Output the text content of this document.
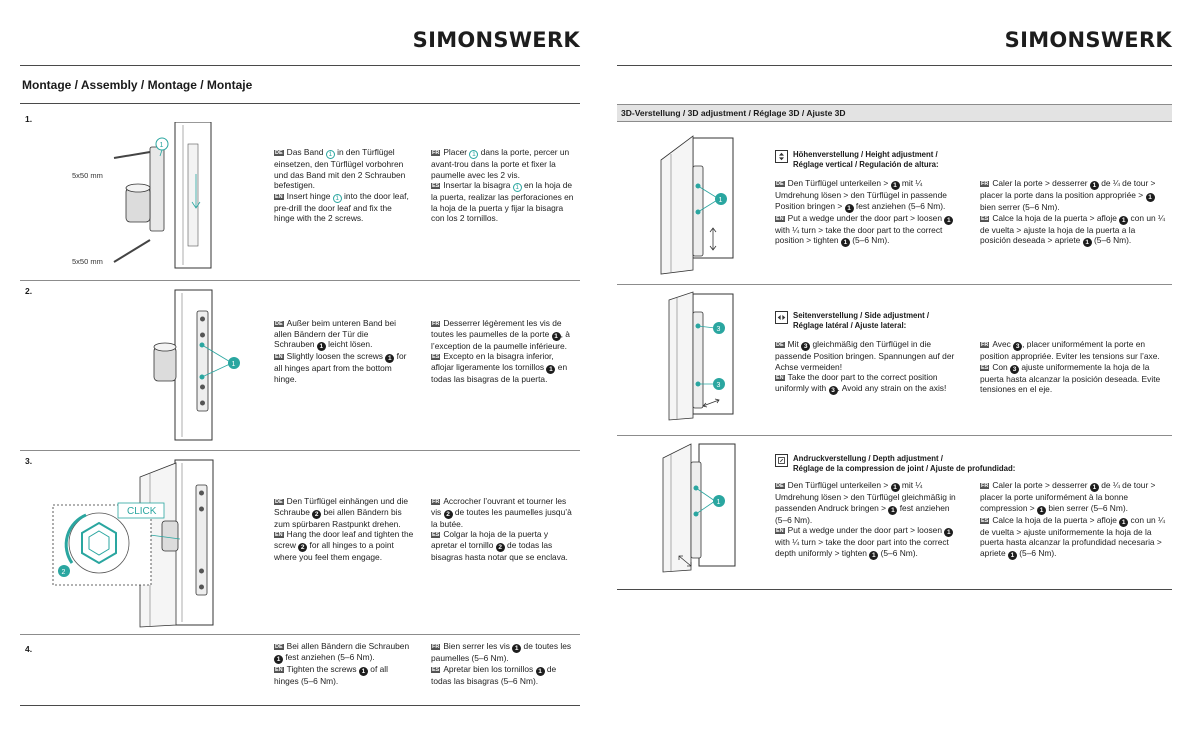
SIMONSWERK
Montage / Assembly / Montage / Montaje
1.
1
5x50 mm
5x50 mm

DE Das Band 1 in den Türflügel einsetzen, den Türflügel vorbohren und das Band mit den 2 Schrauben befestigen.

EN Insert hinge 1 into the door leaf, pre-drill the door leaf and fix the hinge with the 2 screws.

FR Placer 1 dans la porte, percer un avant-trou dans la porte et fixer la paumelle avec les 2 vis.

ES Insertar la bisagra 1 en la hoja de la puerta, realizar las perforaciones en la hoja de la puerta y fijar la bisagra con los 2 tornillos.

2.
1

DE Außer beim unteren Band bei allen Bändern der Tür die Schrauben 1 leicht lösen.

EN Slightly loosen the screws 1 for all hinges apart from the bottom hinge.

FR Desserrer légèrement les vis de toutes les paumelles de la porte 1 , à l’exception de la paumelle inférieure.

ES Excepto en la bisagra inferior, aflojar ligeramente los tornillos 1 en todas las bisagras de la puerta.

3.
2
CLICK

DE Den Türflügel einhängen und die Schraube 2 bei allen Bändern bis zum spürbaren Rastpunkt drehen.

EN Hang the door leaf and tighten the screw 2 for all hinges to a point where you feel them engage.

FR Accrocher l’ouvrant et tourner les vis 2 de toutes les paumelles jusqu’à la butée.

ES Colgar la hoja de la puerta y apretar el tornillo 2 de todas las bisagras hasta notar que se enclava.

4.	DE Bei allen Bändern die Schrauben 1 fest anziehen (5–6 Nm).

EN Tighten the screws 1 of all hinges (5–6 Nm).

FR Bien serrer les vis 1 de toutes les paumelles (5–6 Nm).

ES Apretar bien los tornillos 1 de todas las bisagras (5–6 Nm).

SIMONSWERK
3D-Verstellung / 3D adjustment / Réglage 3D / Ajuste 3D
1
Höhenverstellung / Height adjustment /
Réglage vertical / Regulación de altura:

DE Den Türflügel unterkeilen > 1 mit ¼ Umdrehung lösen > den Türflügel in passende Position bringen > 1 fest anziehen (5–6 Nm).

EN Put a wedge under the door part > loosen 1 with ¼ turn > take the door part to the correct position > tighten 1 (5–6 Nm).

FR Caler la porte > desserrer 1 de ¼ de tour > placer la porte dans la position appropriée > 1 bien serrer (5–6 Nm).

ES Calce la hoja de la puerta > afloje 1 con un ¼ de vuelta > ajuste la hoja de la puerta a la posición deseada > apriete 1 (5–6 Nm).

3
3
Seitenverstellung / Side adjustment /
Réglage latéral / Ajuste lateral:

DE Mit 3 gleichmäßig den Türflügel in die passende Position bringen. Spannungen auf der Achse vermeiden!

EN Take the door part to the correct position uniformly with 3 . Avoid any strain on the axis!

FR Avec 3 , placer uniformément la porte en position appropriée. Eviter les tensions sur l’axe.

ES Con 3 ajuste uniformemente la hoja de la puerta hasta alcanzar la posición deseada. Evite tensiones en el eje.

1
Andruckverstellung / Depth adjustment /
Réglage de la compression de joint / Ajuste de profundidad:

DE Den Türflügel unterkeilen > 1 mit ¼ Umdrehung lösen > den Türflügel gleichmäßig in passenden Andruck bringen > 1 fest anziehen (5–6 Nm).

EN Put a wedge under the door part > loosen 1 with ¼ turn > take the door part into the correct depth uniformly > tighten 1 (5–6 Nm).

FR Caler la porte > desserrer 1 de ¼ de tour > placer la porte uniformément à la bonne compression > 1 bien serrer (5–6 Nm).

ES Calce la hoja de la puerta > afloje 1 con un ¼ de vuelta > ajuste uniformemente la hoja de la puerta hasta alcanzar la profundidad necesaria > apriete 1 (5–6 Nm).
